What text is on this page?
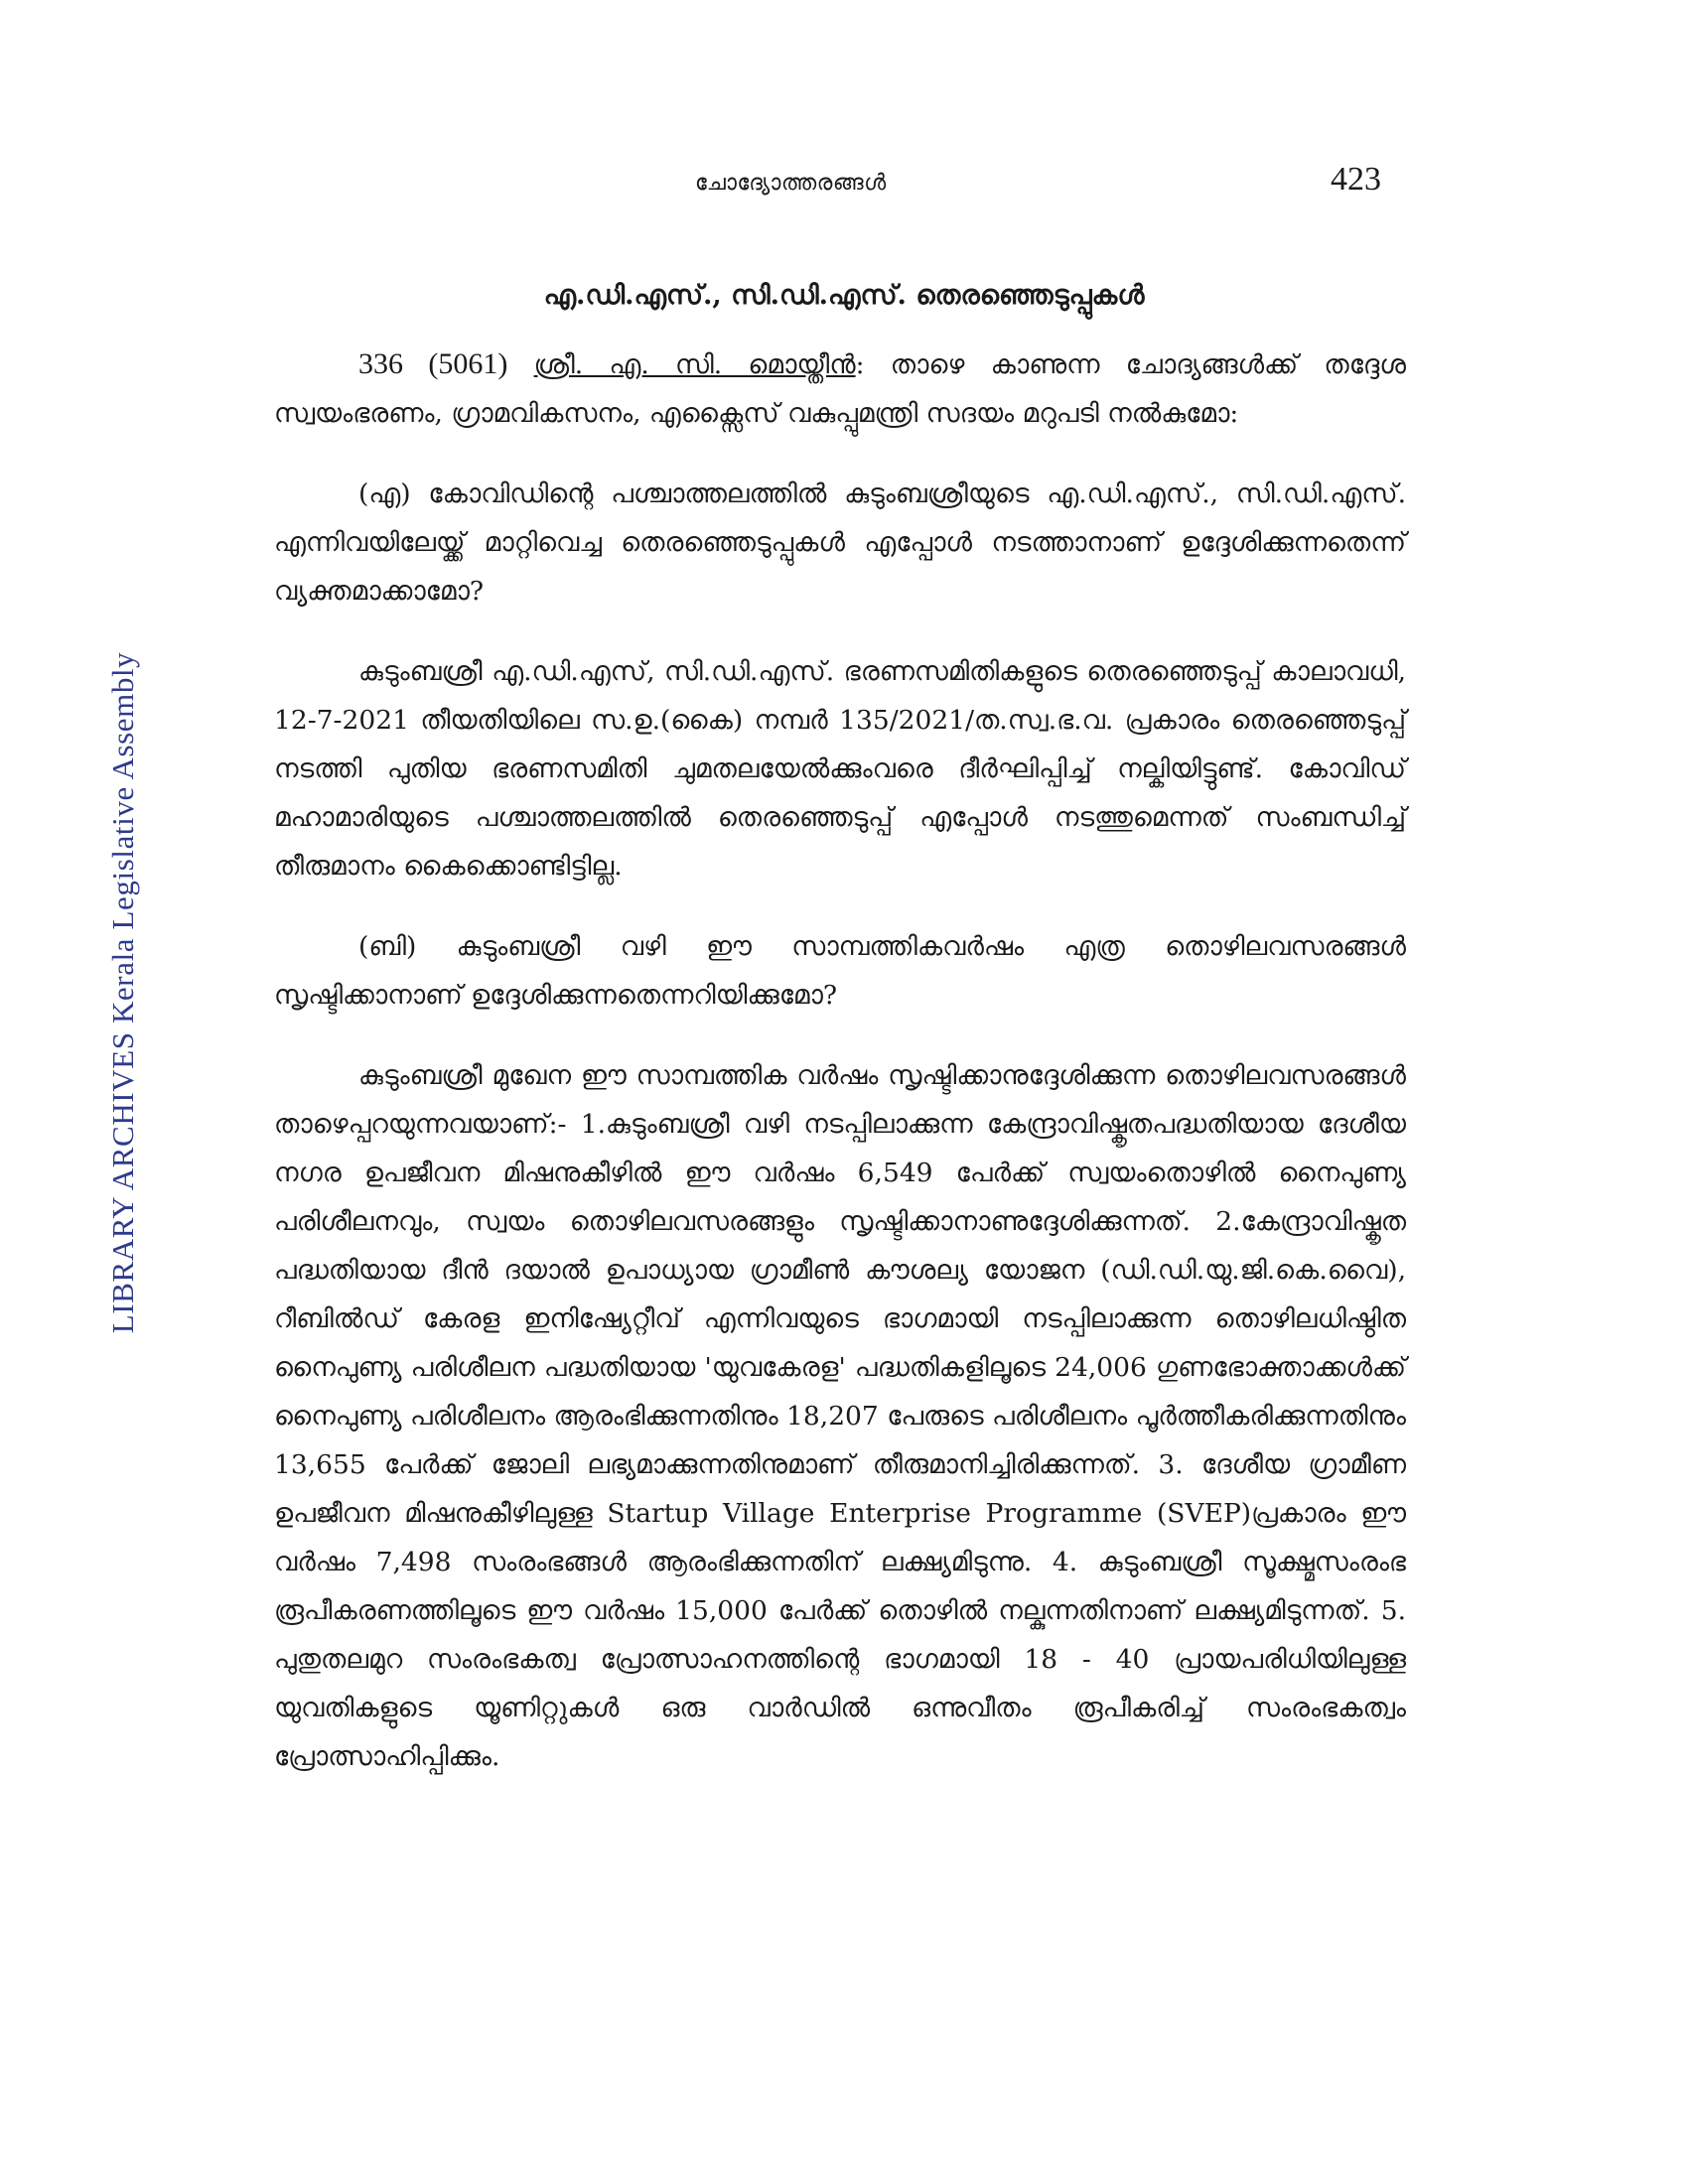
ചോദ്യോത്തരങ്ങൾ	423
LIBRARY ARCHIVES Kerala Legislative Assembly
എ.ഡി.എസ്., സി.ഡി.എസ്. തെരഞ്ഞെടുപ്പുകൾ

336 (5061) ശ്രീ. എ. സി. മൊയ്തീൻ: താഴെ കാണുന്ന ചോദ്യങ്ങൾക്ക് തദ്ദേശ സ്വയംഭരണം, ഗ്രാമവികസനം, എക്സൈസ് വകുപ്പുമന്ത്രി സദയം മറുപടി നൽകുമോ:

(എ) കോവിഡിന്റെ പശ്ചാത്തലത്തിൽ കുടുംബശ്രീയുടെ എ.ഡി.എസ്., സി.ഡി.എസ്. എന്നിവയിലേയ്ക്ക് മാറ്റിവെച്ച തെരഞ്ഞെടുപ്പുകൾ എപ്പോൾ നടത്താനാണ് ഉദ്ദേശിക്കുന്നതെന്ന് വ്യക്തമാക്കാമോ?

കുടുംബശ്രീ എ.ഡി.എസ്, സി.ഡി.എസ്. ഭരണസമിതികളുടെ തെരഞ്ഞെടുപ്പ് കാലാവധി, 12-7-2021 തീയതിയിലെ സ.ഉ.(കൈ) നമ്പർ 135/2021/ത.സ്വ.ഭ.വ. പ്രകാരം തെരഞ്ഞെടുപ്പ് നടത്തി പുതിയ ഭരണസമിതി ചുമതലയേൽക്കുംവരെ ദീർഘിപ്പിച്ച് നല്കിയിട്ടുണ്ട്. കോവിഡ് മഹാമാരിയുടെ പശ്ചാത്തലത്തിൽ തെരഞ്ഞെടുപ്പ് എപ്പോൾ നടത്തുമെന്നത് സംബന്ധിച്ച് തീരുമാനം കൈക്കൊണ്ടിട്ടില്ല.

(ബി) കുടുംബശ്രീ വഴി ഈ സാമ്പത്തികവർഷം എത്ര തൊഴിലവസരങ്ങൾ സൃഷ്ടിക്കാനാണ് ഉദ്ദേശിക്കുന്നതെന്നറിയിക്കുമോ?

കുടുംബശ്രീ മുഖേന ഈ സാമ്പത്തിക വർഷം സൃഷ്ടിക്കാനുദ്ദേശിക്കുന്ന തൊഴിലവസരങ്ങൾ താഴെപ്പറയുന്നവയാണ്:- 1.കുടുംബശ്രീ വഴി നടപ്പിലാക്കുന്ന കേന്ദ്രാവിഷ്കൃതപദ്ധതിയായ ദേശീയ നഗര ഉപജീവന മിഷനുകീഴിൽ ഈ വർഷം 6,549 പേർക്ക് സ്വയംതൊഴിൽ നൈപുണ്യ പരിശീലനവും, സ്വയം തൊഴിലവസരങ്ങളും സൃഷ്ടിക്കാനാണുദ്ദേശിക്കുന്നത്. 2.കേന്ദ്രാവിഷ്കൃത പദ്ധതിയായ ദീൻ ദയാൽ ഉപാധ്യായ ഗ്രാമീൺ കൗശല്യ യോജന (ഡി.ഡി.യു.ജി.കെ.വൈ), റീബിൽഡ് കേരള ഇനിഷ്യേറ്റീവ് എന്നിവയുടെ ഭാഗമായി നടപ്പിലാക്കുന്ന തൊഴിലധിഷ്ഠിത നൈപുണ്യ പരിശീലന പദ്ധതിയായ 'യുവകേരള' പദ്ധതികളിലൂടെ 24,006 ഗുണഭോക്താക്കൾക്ക് നൈപുണ്യ പരിശീലനം ആരംഭിക്കുന്നതിനും 18,207 പേരുടെ പരിശീലനം പൂർത്തീകരിക്കുന്നതിനും 13,655 പേർക്ക് ജോലി ലഭ്യമാക്കുന്നതിനുമാണ് തീരുമാനിച്ചിരിക്കുന്നത്. 3. ദേശീയ ഗ്രാമീണ ഉപജീവന മിഷനുകീഴിലുള്ള Startup Village Enterprise Programme (SVEP)പ്രകാരം ഈ വർഷം 7,498 സംരംഭങ്ങൾ ആരംഭിക്കുന്നതിന് ലക്ഷ്യമിടുന്നു. 4. കുടുംബശ്രീ സൂക്ഷ്മസംരംഭ രൂപീകരണത്തിലൂടെ ഈ വർഷം 15,000 പേർക്ക് തൊഴിൽ നല്കുന്നതിനാണ് ലക്ഷ്യമിടുന്നത്. 5. പുതുതലമുറ സംരംഭകത്വ പ്രോത്സാഹനത്തിന്റെ ഭാഗമായി 18 - 40 പ്രായപരിധിയിലുള്ള യുവതികളുടെ യൂണിറ്റുകൾ ഒരു വാർഡിൽ ഒന്നുവീതം രൂപീകരിച്ച് സംരംഭകത്വം പ്രോത്സാഹിപ്പിക്കും.
